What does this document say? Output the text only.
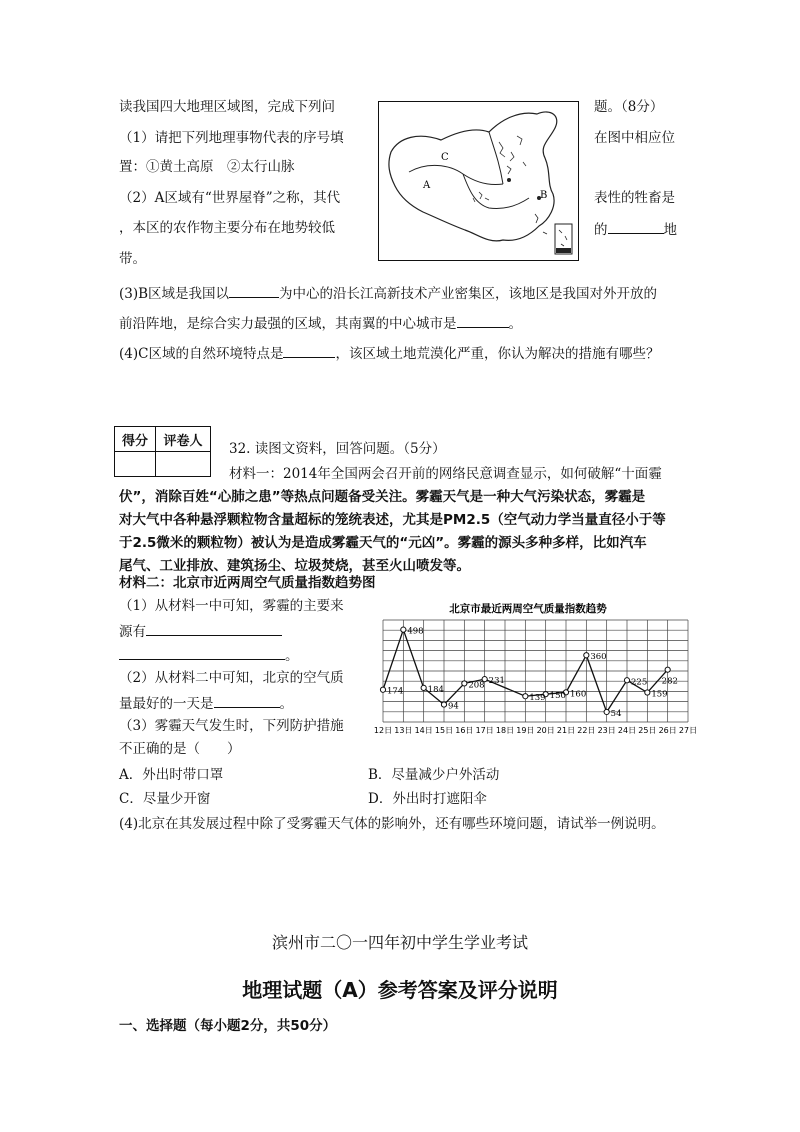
读我国四大地理区域图，完成下列问	题。（8分）
（1）请把下列地理事物代表的序号填	在图中相应位
置：①黄土高原　②太行山脉
（2）A区域有“世界屋脊”之称，其代	表性的牲畜是
，本区的农作物主要分布在地势较低	的	地
带。
(3)B区域是我国以	为中心的沿长江高新技术产业密集区，该地区是我国对外开放的
前沿阵地，是综合实力最强的区域，其南翼的中心城市是	。
(4)C区域的自然环境特点是	，该区域土地荒漠化严重，你认为解决的措施有哪些？
A
B
C
得分	评卷人
	32. 读图文资料，回答问题。（5分）
材料一：2014年全国两会召开前的网络民意调查显示，如何破解“十面霾
伏”，消除百姓“心肺之患”等热点问题备受关注。雾霾天气是一种大气污染状态，雾霾是
对大气中各种悬浮颗粒物含量超标的笼统表述，尤其是PM2.5（空气动力学当量直径小于等
于2.5微米的颗粒物）被认为是造成雾霾天气的“元凶”。雾霾的源头多种多样，比如汽车
尾气、工业排放、建筑扬尘、垃圾焚烧，甚至火山喷发等。
材料二：北京市近两周空气质量指数趋势图
（1）从材料一中可知，雾霾的主要来
源有
。
（2）从材料二中可知，北京的空气质
量最好的一天是	。
（3）雾霾天气发生时，下列防护措施
不正确的是（　　）
A．外出时带口罩	B．尽量减少户外活动
C．尽量少开窗	D．外出时打遮阳伞
(4)北京在其发展过程中除了受雾霾天气体的影响外，还有哪些环境问题，请试举一例说明。
北京市最近两周空气质量指数趋势
12日 13日 14日 15日 16日 17日 18日 19日 20日 21日 22日 23日 24日 25日 26日 27日
174
498
184
94
208 231
139 150 160
360
54
225
159
282
滨州市二〇一四年初中学生学业考试
地理试题（A）参考答案及评分说明
一、选择题（每小题2分，共50分）
